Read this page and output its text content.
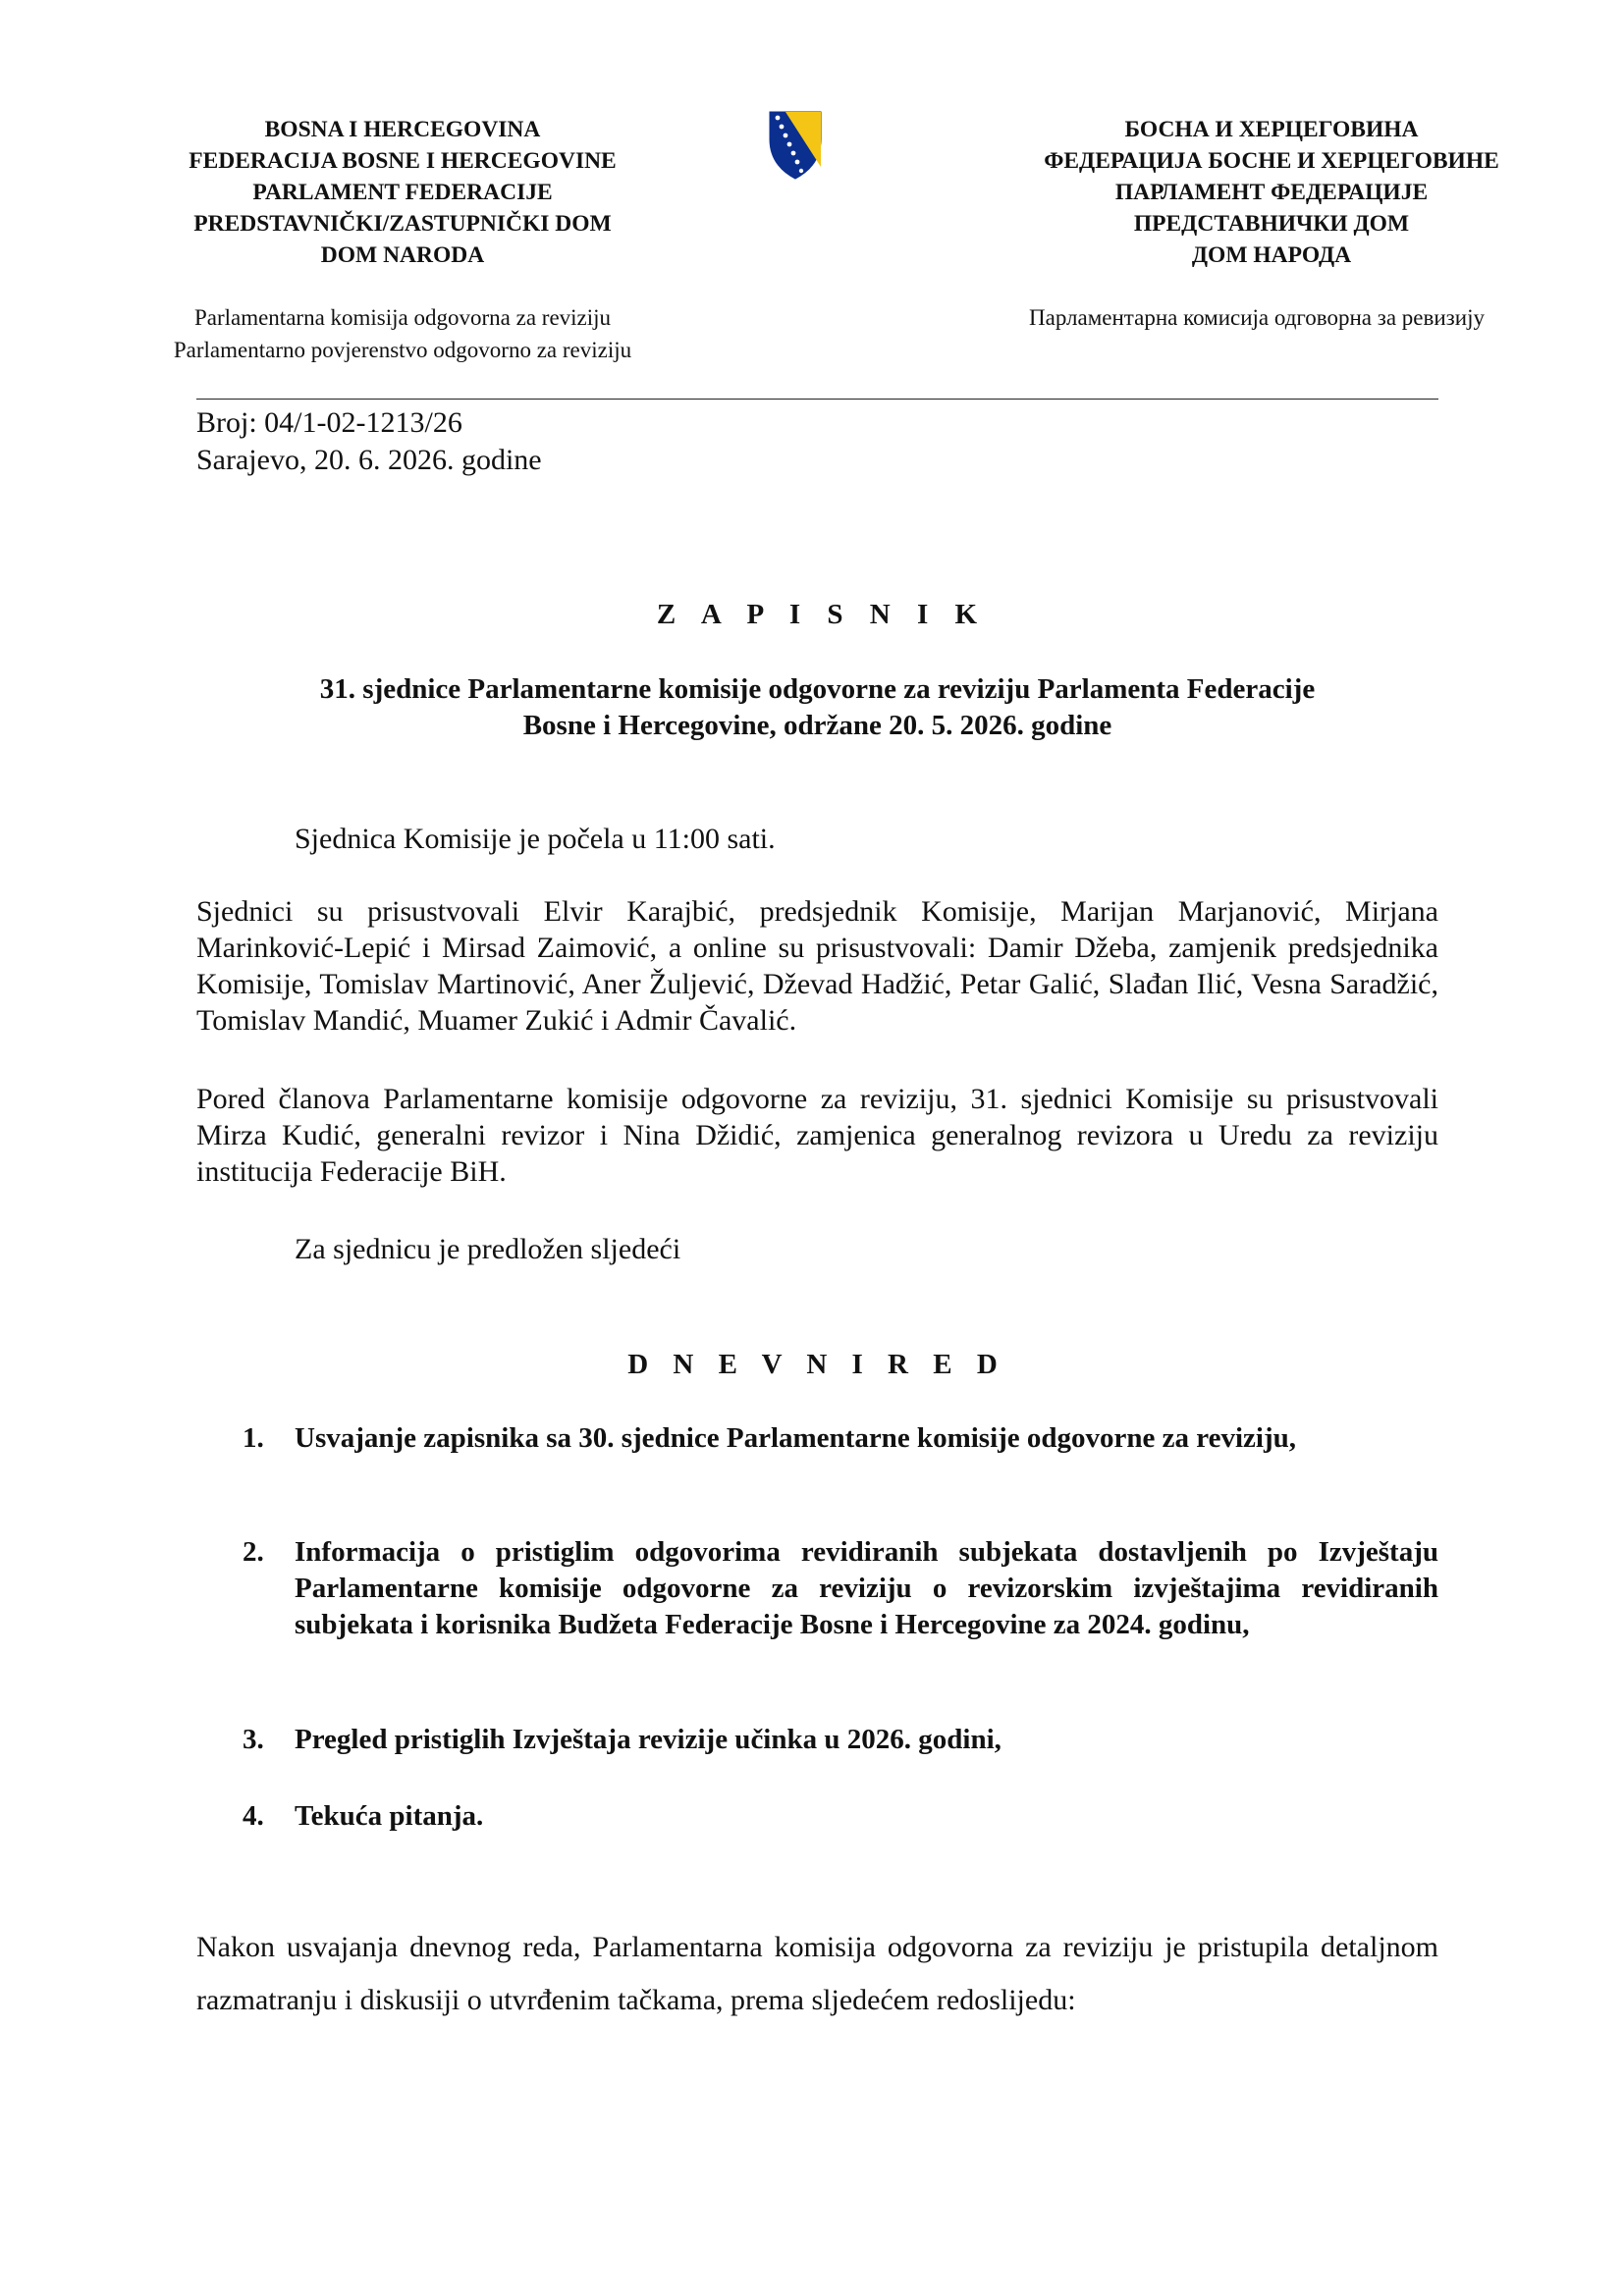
BOSNA I HERCEGOVINA
FEDERACIJA BOSNE I HERCEGOVINE
PARLAMENT FEDERACIJE
PREDSTAVNIČKI/ZASTUPNIČKI DOM
DOM NARODA
БОСНА И ХЕРЦЕГОВИНА
ФЕДЕРАЦИЈА БОСНЕ И ХЕРЦЕГОВИНЕ
ПАРЛАМЕНТ ФЕДЕРАЦИЈЕ
ПРЕДСТАВНИЧКИ ДОМ
ДОМ НАРОДА
Parlamentarna komisija odgovorna za reviziju
Parlamentarno povjerenstvo odgovorno za reviziju
Парламентарна комисија одговорна за ревизију
Broj: 04/1-02-1213/26
Sarajevo, 20. 6. 2026. godine
Z A P I S N I K
31. sjednice Parlamentarne komisije odgovorne za reviziju Parlamenta Federacije
Bosne i Hercegovine, održane 20. 5. 2026. godine
Sjednica Komisije je počela u 11:00 sati.
Sjednici su prisustvovali Elvir Karajbić, predsjednik Komisije, Marijan Marjanović, Mirjana Marinković-Lepić i Mirsad Zaimović, a online su prisustvovali: Damir Džeba, zamjenik predsjednika Komisije, Tomislav Martinović, Aner Žuljević, Dževad Hadžić, Petar Galić, Slađan Ilić, Vesna Saradžić, Tomislav Mandić, Muamer Zukić i Admir Čavalić.
Pored članova Parlamentarne komisije odgovorne za reviziju, 31. sjednici Komisije su prisustvovali Mirza Kudić, generalni revizor i Nina Džidić, zamjenica generalnog revizora u Uredu za reviziju institucija Federacije BiH.
Za sjednicu je predložen sljedeći
D N E V N I R E D
1. Usvajanje zapisnika sa 30. sjednice Parlamentarne komisije odgovorne za reviziju,
2. Informacija o pristiglim odgovorima revidiranih subjekata dostavljenih po Izvještaju Parlamentarne komisije odgovorne za reviziju o revizorskim izvještajima revidiranih subjekata i korisnika Budžeta Federacije Bosne i Hercegovine za 2024. godinu,
3. Pregled pristiglih Izvještaja revizije učinka u 2026. godini,
4. Tekuća pitanja.
Nakon usvajanja dnevnog reda, Parlamentarna komisija odgovorna za reviziju je pristupila detaljnom razmatranju i diskusiji o utvrđenim tačkama, prema sljedećem redoslijedu:
